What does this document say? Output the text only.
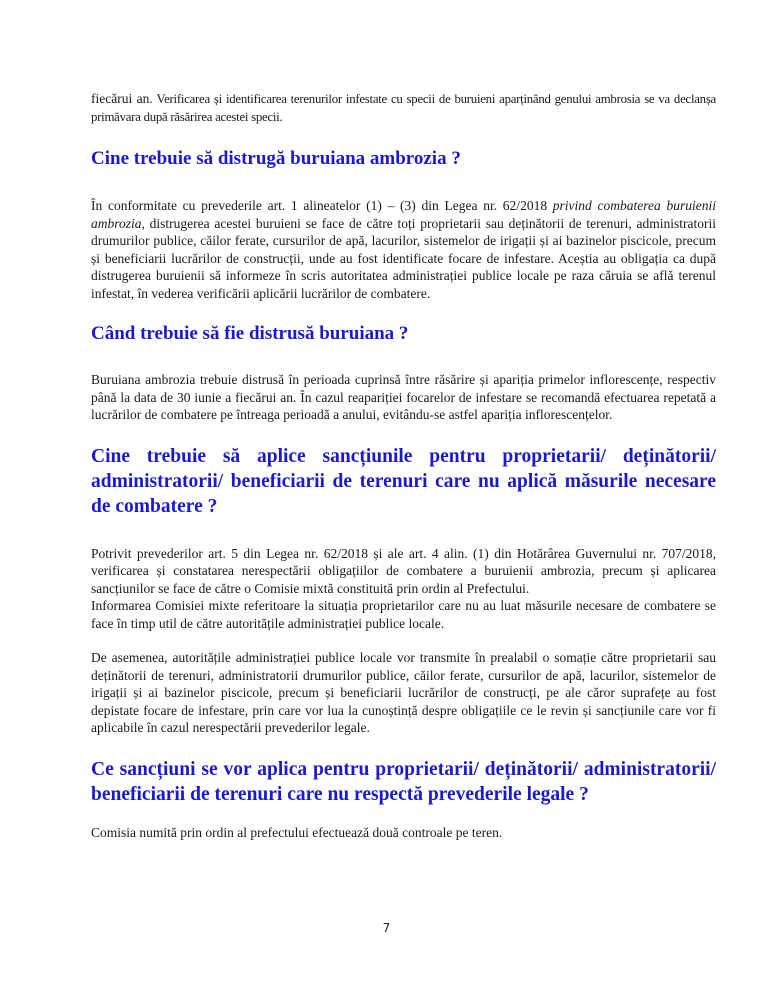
fiecărui an. Verificarea și identificarea terenurilor infestate cu specii de buruieni aparținând genului ambrosia se va declanșa primăvara după răsărirea acestei specii.

Cine trebuie să distrugă buruiana ambrozia ?

În conformitate cu prevederile art. 1 alineatelor (1) – (3) din Legea nr. 62/2018 privind combaterea buruienii ambrozia, distrugerea acestei buruieni se face de către toți proprietarii sau deținătorii de terenuri, administratorii drumurilor publice, căilor ferate, cursurilor de apă, lacurilor, sistemelor de irigații și ai bazinelor piscicole, precum și beneficiarii lucrărilor de construcții, unde au fost identificate focare de infestare. Aceștia au obligația ca după distrugerea buruienii să informeze în scris autoritatea administrației publice locale pe raza căruia se află terenul infestat, în vederea verificării aplicării lucrărilor de combatere.

Când trebuie să fie distrusă buruiana ?

Buruiana ambrozia trebuie distrusă în perioada cuprinsă între răsărire și apariția primelor inflorescențe, respectiv până la data de 30 iunie a fiecărui an. În cazul reapariției focarelor de infestare se recomandă efectuarea repetată a lucrărilor de combatere pe întreaga perioadă a anului, evitându-se astfel apariția inflorescențelor.

Cine trebuie să aplice sancțiunile pentru proprietarii/ deținătorii/ administratorii/ beneficiarii de terenuri care nu aplică măsurile necesare de combatere ?

Potrivit prevederilor art. 5 din Legea nr. 62/2018 și ale art. 4 alin. (1) din Hotărârea Guvernului nr. 707/2018, verificarea și constatarea nerespectării obligațiilor de combatere a buruienii ambrozia, precum și aplicarea sancțiunilor se face de către o Comisie mixtă constituită prin ordin al Prefectului.

Informarea Comisiei mixte referitoare la situația proprietarilor care nu au luat măsurile necesare de combatere se face în timp util de către autoritățile administrației publice locale.

De asemenea, autoritățile administrației publice locale vor transmite în prealabil o somație către proprietarii sau deținătorii de terenuri, administratorii drumurilor publice, căilor ferate, cursurilor de apă, lacurilor, sistemelor de irigații și ai bazinelor piscicole, precum și beneficiarii lucrărilor de construcți, pe ale căror suprafețe au fost depistate focare de infestare, prin care vor lua la cunoștință despre obligațiile ce le revin și sancțiunile care vor fi aplicabile în cazul nerespectării prevederilor legale.

Ce sancțiuni se vor aplica pentru proprietarii/ deținătorii/ administratorii/ beneficiarii de terenuri care nu respectă prevederile legale ?

Comisia numită prin ordin al prefectului efectuează două controale pe teren.

7
